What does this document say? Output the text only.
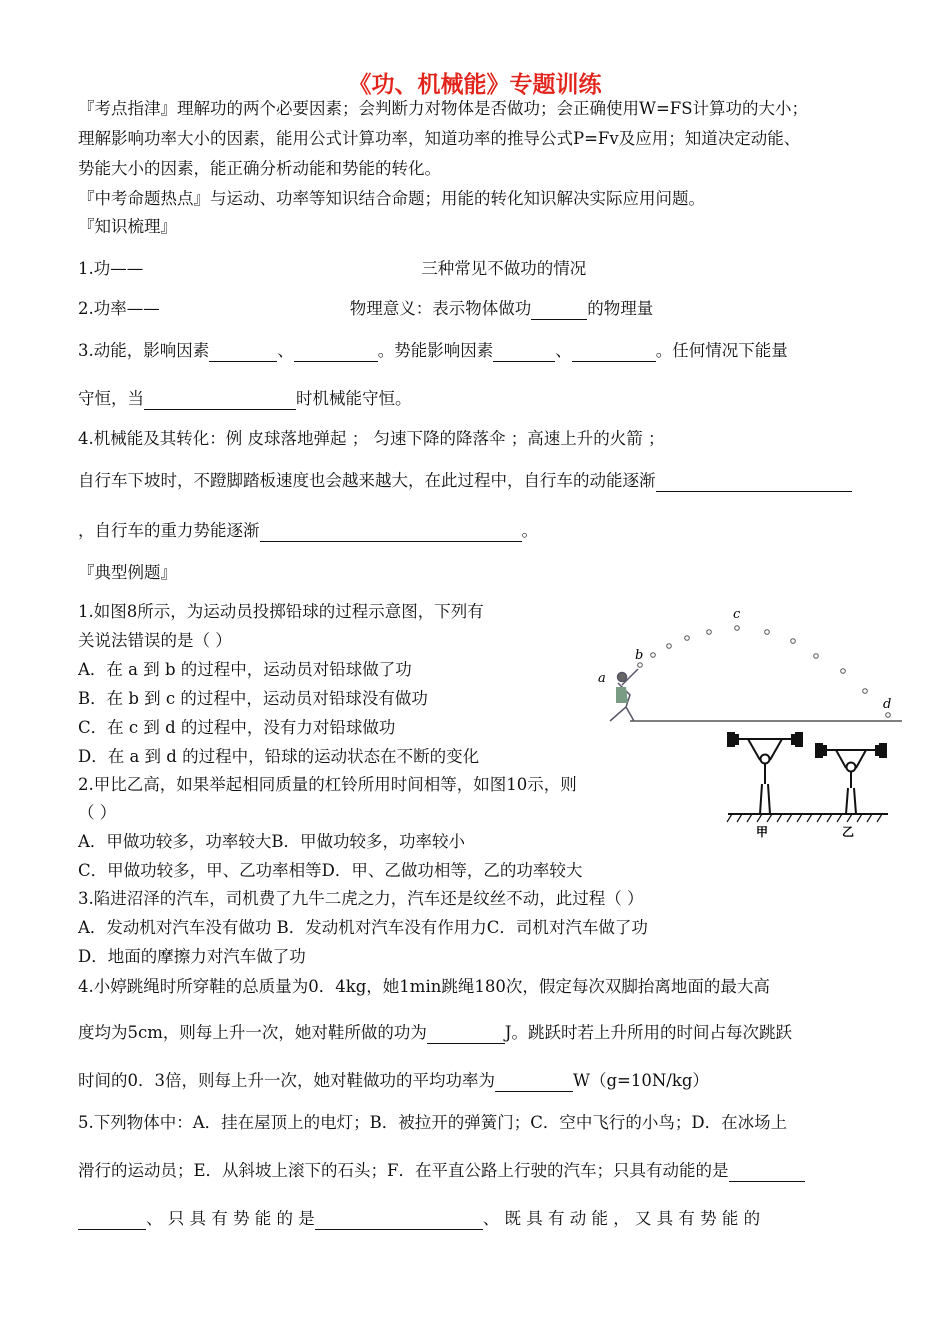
《功、机械能》专题训练
『考点指津』理解功的两个必要因素；会判断力对物体是否做功；会正确使用W=FS计算功的大小；
理解影响功率大小的因素，能用公式计算功率，知道功率的推导公式P=Fv及应用；知道决定动能、
势能大小的因素，能正确分析动能和势能的转化。
『中考命题热点』与运动、功率等知识结合命题；用能的转化知识解决实际应用问题。
『知识梳理』
1.功——	三种常见不做功的情况
2.功率——	物理意义：表示物体做功	的物理量
3.动能，影响因素	、	。势能影响因素	、	。任何情况下能量
守恒，当	时机械能守恒。
4.机械能及其转化：例 皮球落地弹起 ； 匀速下降的降落伞 ；高速上升的火箭 ；
自行车下坡时，不蹬脚踏板速度也会越来越大，在此过程中，自行车的动能逐渐
，自行车的重力势能逐渐	。
『典型例题』
1.如图8所示，为运动员投掷铅球的过程示意图，下列有
关说法错误的是（ ）
A．在 a 到 b 的过程中，运动员对铅球做了功
B．在 b 到 c 的过程中，运动员对铅球没有做功
C．在 c 到 d 的过程中，没有力对铅球做功
D．在 a 到 d 的过程中，铅球的运动状态在不断的变化
2.甲比乙高，如果举起相同质量的杠铃所用时间相等，如图10示，则
（ ）
A．甲做功较多，功率较大B．甲做功较多，功率较小
C．甲做功较多，甲、乙功率相等D．甲、乙做功相等，乙的功率较大
3.陷进沼泽的汽车，司机费了九牛二虎之力，汽车还是纹丝不动，此过程（ ）
A．发动机对汽车没有做功 B．发动机对汽车没有作用力C．司机对汽车做了功
D．地面的摩擦力对汽车做了功
4.小婷跳绳时所穿鞋的总质量为0．4kg，她1min跳绳180次，假定每次双脚抬离地面的最大高
度均为5cm，则每上升一次，她对鞋所做的功为	J。跳跃时若上升所用的时间占每次跳跃
时间的0．3倍，则每上升一次，她对鞋做功的平均功率为	W（g=10N/kg）
5.下列物体中：A．挂在屋顶上的电灯；B．被拉开的弹簧门；C．空中飞行的小鸟；D．在冰场上
滑行的运动员；E．从斜坡上滚下的石头；F．在平直公路上行驶的汽车；只具有动能的是
、 只 具 有 势 能 的 是	、 既 具 有 动 能 ， 又 具 有 势 能 的
a
b
c
d
甲	乙
